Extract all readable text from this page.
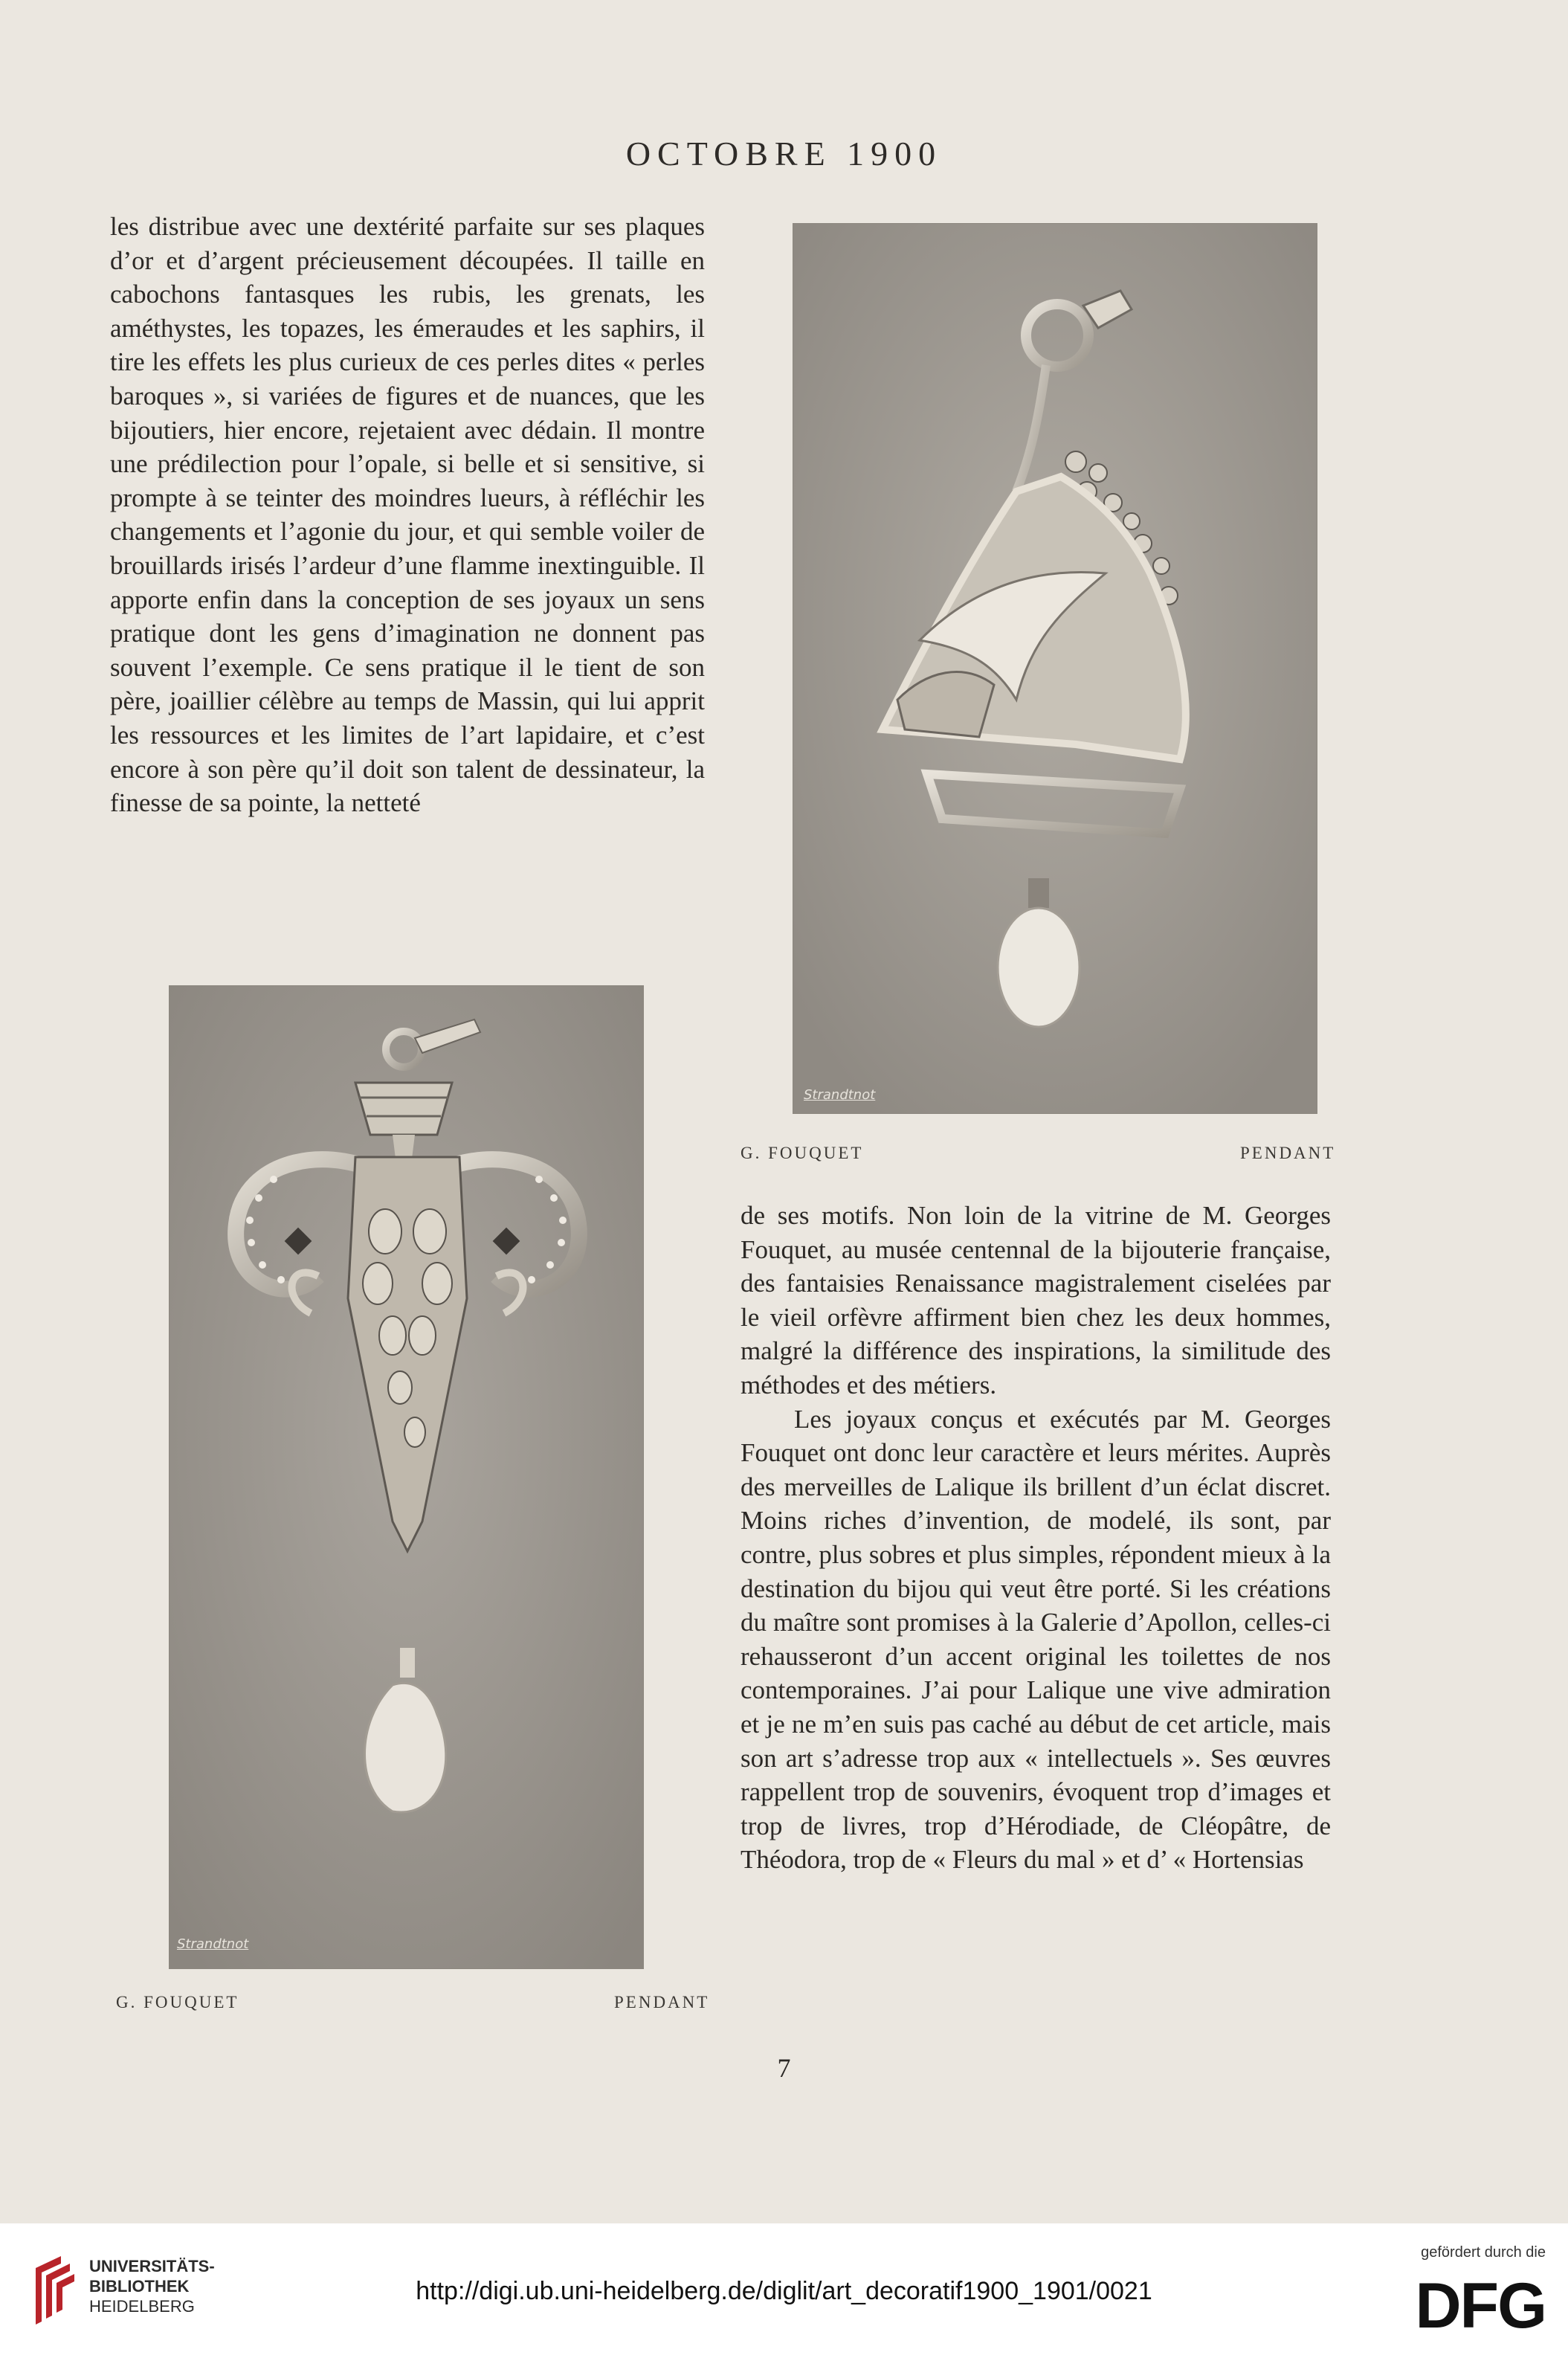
OCTOBRE 1900

les distribue avec une dextérité parfaite sur ses plaques d’or et d’argent précieusement découpées. Il taille en cabochons fantasques les rubis, les grenats, les améthystes, les topazes, les émeraudes et les saphirs, il tire les effets les plus curieux de ces perles dites « perles baroques », si variées de figures et de nuances, que les bijoutiers, hier encore, rejetaient avec dédain. Il montre une prédilection pour l’opale, si belle et si sensitive, si prompte à se teinter des moindres lueurs, à réfléchir les changements et l’agonie du jour, et qui semble voiler de brouillards irisés l’ardeur d’une flamme inextinguible. Il apporte enfin dans la conception de ses joyaux un sens pratique dont les gens d’imagination ne donnent pas souvent l’exemple. Ce sens pratique il le tient de son père, joaillier célèbre au temps de Massin, qui lui apprit les ressources et les limites de l’art lapidaire, et c’est encore à son père qu’il doit son talent de dessinateur, la finesse de sa pointe, la netteté

Strandtnot
G. FOUQUET	PENDANT
Strandtnot
G. FOUQUET	PENDANT

de ses motifs. Non loin de la vitrine de M. Georges Fouquet, au musée centennal de la bijouterie française, des fantaisies Renaissance magistralement ciselées par le vieil orfèvre affirment bien chez les deux hommes, malgré la différence des inspirations, la similitude des méthodes et des métiers.

Les joyaux conçus et exécutés par M. Georges Fouquet ont donc leur caractère et leurs mérites. Auprès des merveilles de Lalique ils brillent d’un éclat discret. Moins riches d’invention, de modelé, ils sont, par contre, plus sobres et plus simples, répondent mieux à la destination du bijou qui veut être porté. Si les créations du maître sont promises à la Galerie d’Apollon, celles-ci rehausseront d’un accent original les toilettes de nos contemporaines. J’ai pour Lalique une vive admiration et je ne m’en suis pas caché au début de cet article, mais son art s’adresse trop aux « intellectuels ». Ses œuvres rappellent trop de souvenirs, évoquent trop d’images et trop de livres, trop d’Hérodiade, de Cléopâtre, de Théodora, trop de « Fleurs du mal » et d’ « Hortensias

7
UNIVERSITÄTS-
BIBLIOTHEK
HEIDELBERG
http://digi.ub.uni-heidelberg.de/diglit/art_decoratif1900_1901/0021
gefördert durch die
DFG
